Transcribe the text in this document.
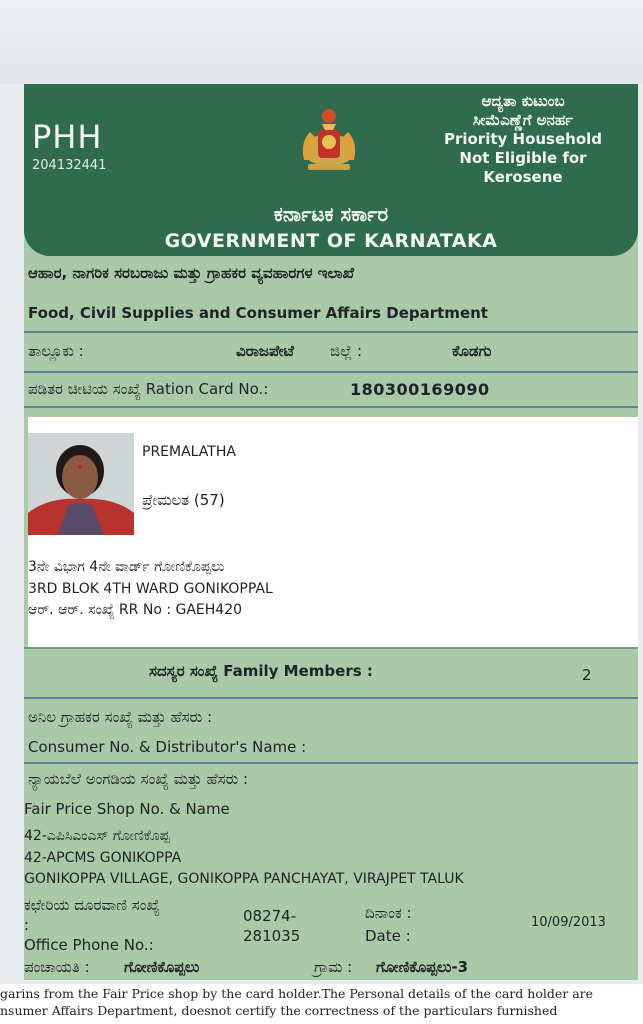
PHH
204132441
ಆದ್ಯತಾ ಕುಟುಂಬ
ಸೀಮೆಎಣ್ಣೆಗೆ ಅನರ್ಹ
Priority Household
Not Eligible for
Kerosene
ಕರ್ನಾಟಕ ಸರ್ಕಾರ
GOVERNMENT OF KARNATAKA
ಆಹಾರ, ನಾಗರಿಕ ಸರಬರಾಜು ಮತ್ತು ಗ್ರಾಹಕರ ವ್ಯವಹಾರಗಳ ಇಲಾಖೆ
Food, Civil Supplies and Consumer Affairs Department
ತಾಲ್ಲೂಕು :	ವಿರಾಜಪೇಟೆ ಜಿಲ್ಲೆ :	ಕೊಡಗು
ಪಡಿತರ ಚೀಟಿಯ ಸಂಖ್ಯೆ Ration Card No.:	180300169090
PREMALATHA
ಪ್ರೇಮಲತ (57)
3ನೇ ವಿಭಾಗ 4ನೇ ವಾರ್ಡ್ ಗೋಣಿಕೊಪ್ಪಲು
3RD BLOK 4TH WARD GONIKOPPAL
ಆರ್. ಆರ್. ಸಂಖ್ಯೆ RR No : GAEH420
ಸದಸ್ಯರ ಸಂಖ್ಯೆ Family Members :	2
ಅನಿಲ ಗ್ರಾಹಕರ ಸಂಖ್ಯೆ ಮತ್ತು ಹೆಸರು :
Consumer No. & Distributor's Name :
ನ್ಯಾಯಬೆಲೆ ಅಂಗಡಿಯ ಸಂಖ್ಯೆ ಮತ್ತು ಹೆಸರು :
Fair Price Shop No. & Name
42-ಎಪಿಸಿಎಂಎಸ್ ಗೋಣಿಕೊಪ್ಪ
42-APCMS GONIKOPPA
GONIKOPPA VILLAGE, GONIKOPPA PANCHAYAT, VIRAJPET TALUK
ಕಛೇರಿಯ ದೂರವಾಣಿ ಸಂಖ್ಯೆ
:
Office Phone No.:
08274-
281035
ದಿನಾಂಕ :
Date :
10/09/2013
ಪಂಚಾಯತಿ : ಗೋಣಿಕೊಪ್ಪಲು	ಗ್ರಾಮ : ಗೋಣಿಕೊಪ್ಪಲು-3
garins from the Fair Price shop by the card holder.The Personal details of the card holder are
nsumer Affairs Department, doesnot certify the correctness of the particulars furnished
